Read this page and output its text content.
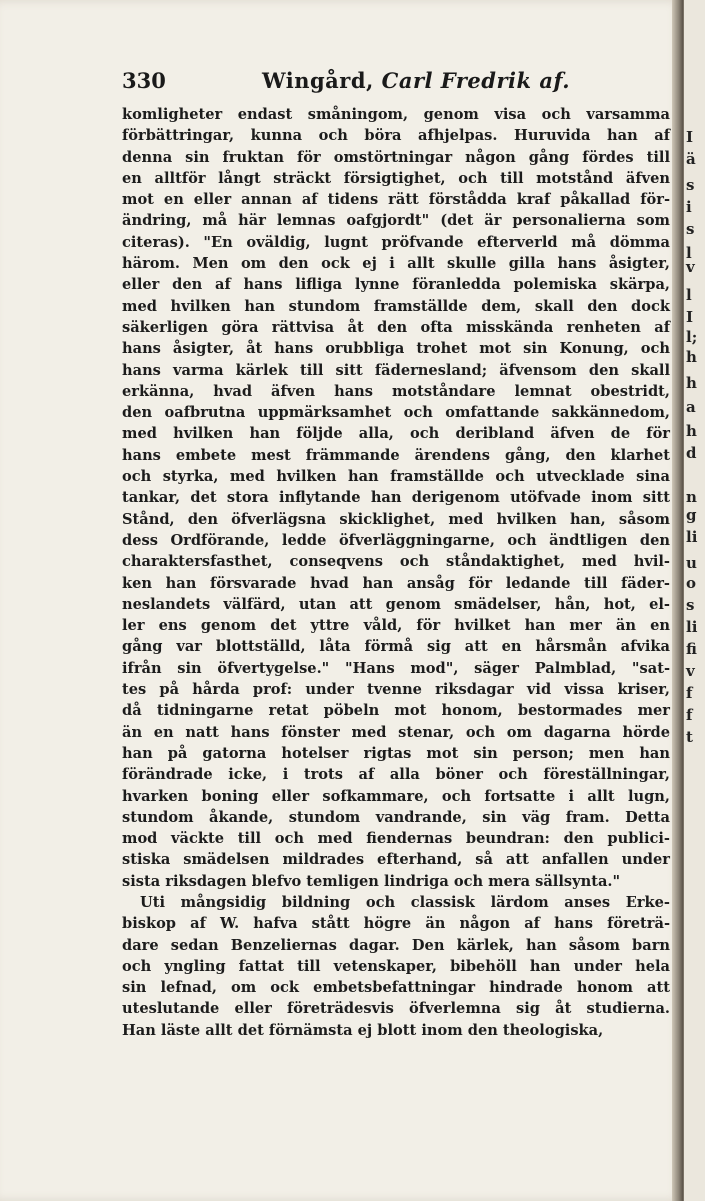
330	Wingård, Carl Fredrik af.
komligheter endast småningom, genom visa och varsamma
förbättringar, kunna och böra afhjelpas. Huruvida han af
denna sin fruktan för omstörtningar någon gång fördes till
en alltför långt sträckt försigtighet, och till motstånd äfven
mot en eller annan af tidens rätt förstådda kraf påkallad för-
ändring, må här lemnas oafgjordt" (det är personalierna som
citeras). "En oväldig, lugnt pröfvande efterverld må dömma
härom. Men om den ock ej i allt skulle gilla hans åsigter,
eller den af hans lifliga lynne föranledda polemiska skärpa,
med hvilken han stundom framställde dem, skall den dock
säkerligen göra rättvisa åt den ofta misskända renheten af
hans åsigter, åt hans orubbliga trohet mot sin Konung, och
hans varma kärlek till sitt fädernesland; äfvensom den skall
erkänna, hvad äfven hans motståndare lemnat obestridt,
den oafbrutna uppmärksamhet och omfattande sakkännedom,
med hvilken han följde alla, och deribland äfven de för
hans embete mest främmande ärendens gång, den klarhet
och styrka, med hvilken han framställde och utvecklade sina
tankar, det stora inflytande han derigenom utöfvade inom sitt
Stånd, den öfverlägsna skicklighet, med hvilken han, såsom
dess Ordförande, ledde öfverläggningarne, och ändtligen den
charaktersfasthet, conseqvens och ståndaktighet, med hvil-
ken han försvarade hvad han ansåg för ledande till fäder-
neslandets välfärd, utan att genom smädelser, hån, hot, el-
ler ens genom det yttre våld, för hvilket han mer än en
gång var blottställd, låta förmå sig att en hårsmån afvika
ifrån sin öfvertygelse." "Hans mod", säger Palmblad, "sat-
tes på hårda prof: under tvenne riksdagar vid vissa kriser,
då tidningarne retat pöbeln mot honom, bestormades mer
än en natt hans fönster med stenar, och om dagarna hörde
han på gatorna hotelser rigtas mot sin person; men han
förändrade icke, i trots af alla böner och föreställningar,
hvarken boning eller sofkammare, och fortsatte i allt lugn,
stundom åkande, stundom vandrande, sin väg fram. Detta
mod väckte till och med fiendernas beundran: den publici-
stiska smädelsen mildrades efterhand, så att anfallen under
sista riksdagen blefvo temligen lindriga och mera sällsynta."
Uti mångsidig bildning och classisk lärdom anses Erke-
biskop af W. hafva stått högre än någon af hans företrä-
dare sedan Benzeliernas dagar. Den kärlek, han såsom barn
och yngling fattat till vetenskaper, bibehöll han under hela
sin lefnad, om ock embetsbefattningar hindrade honom att
uteslutande eller företrädesvis öfverlemna sig åt studierna.
Han läste allt det förnämsta ej blott inom den theologiska,
I
ä
s
i
s
l
v
l
I
l;
h
h
a
h
d
n
g
li
u
o
s
li
fi
v
f
f
t
